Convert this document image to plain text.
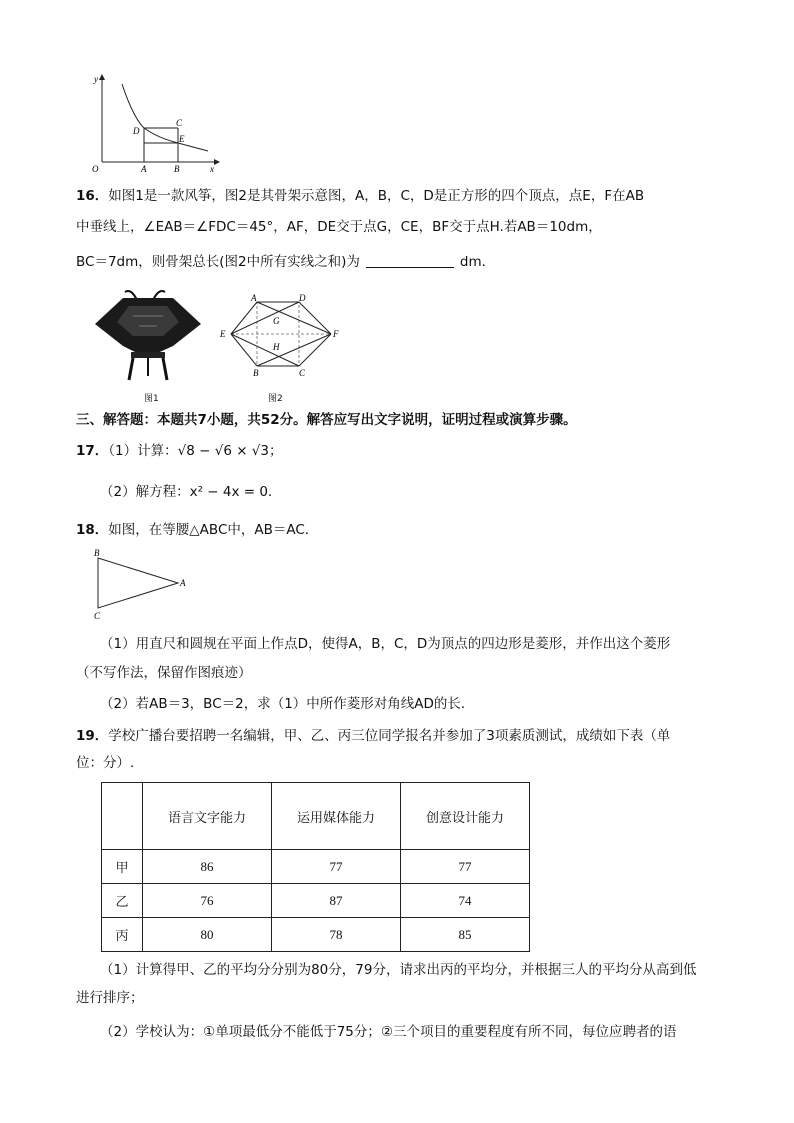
y
x
O	A	B
C
D
E
16．如图1是一款风筝，图2是其骨架示意图，A，B，C，D是正方形的四个顶点，点E，F在AB
中垂线上，∠EAB＝∠FDC＝45°，AF，DE交于点G，CE，BF交于点H.若AB＝10dm，
BC＝7dm，则骨架总长(图2中所有实线之和)为	dm．
图1
A	D
G
E	F
H
B	C
图2
三、解答题：本题共7小题，共52分。解答应写出文字说明，证明过程或演算步骤。
17．（1）计算：√8 − √6 × √3；
（2）解方程：x² − 4x = 0．
18．如图，在等腰△ABC中，AB＝AC．
B
A
C
（1）用直尺和圆规在平面上作点D，使得A，B，C，D为顶点的四边形是菱形，并作出这个菱形
（不写作法，保留作图痕迹）
（2）若AB＝3，BC＝2，求（1）中所作菱形对角线AD的长．
19．学校广播台要招聘一名编辑，甲、乙、丙三位同学报名并参加了3项素质测试，成绩如下表（单
位：分）.
	语言文字能力	运用媒体能力	创意设计能力
甲	86	77	77
乙	76	87	74
丙	80	78	85
（1）计算得甲、乙的平均分分别为80分，79分，请求出丙的平均分，并根据三人的平均分从高到低
进行排序；
（2）学校认为：①单项最低分不能低于75分；②三个项目的重要程度有所不同，每位应聘者的语
